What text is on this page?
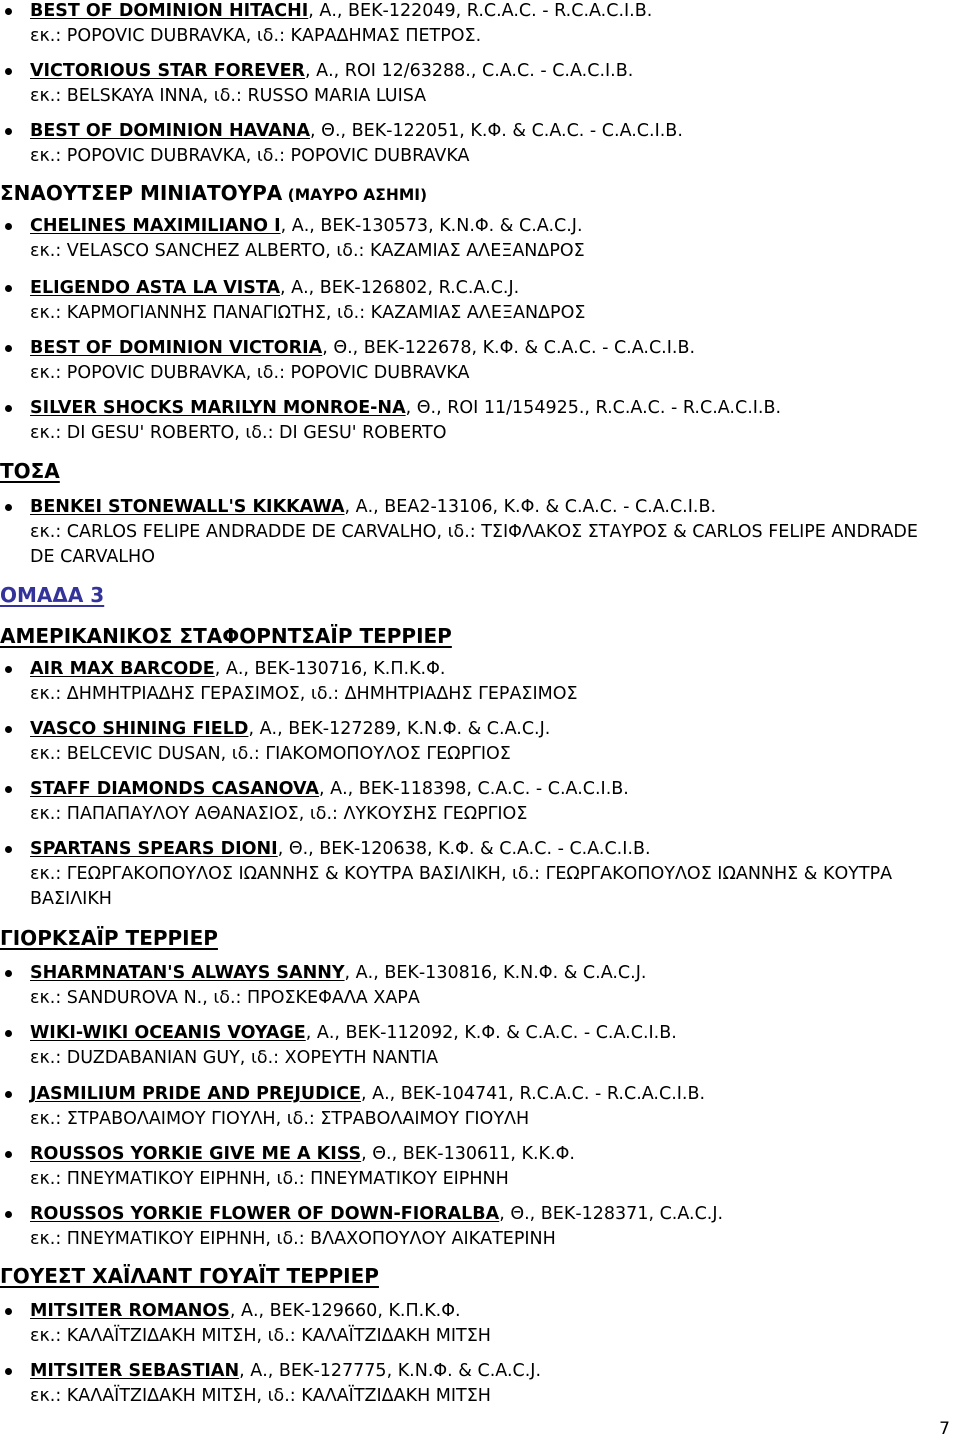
7
BEST OF DOMINION HITACHI, Α., ΒΕΚ-122049, R.C.A.C. - R.C.A.C.I.B.
εκ.: POPOVIC DUBRAVKA, ιδ.: ΚΑΡΑΔΗΜΑΣ ΠΕΤΡΟΣ.
VICTORIOUS STAR FOREVER, Α., ROI 12/63288., C.A.C. - C.A.C.I.B.
εκ.: BELSKAYA INNA, ιδ.: RUSSO MARIA LUISA
BEST OF DOMINION HAVANA, Θ., ΒΕΚ-122051, Κ.Φ. & C.A.C. - C.A.C.I.B.
εκ.: POPOVIC DUBRAVKA, ιδ.: POPOVIC DUBRAVKA
ΣΝΑΟΥΤΣΕΡ ΜΙΝΙΑΤΟΥΡΑ (ΜΑΥΡΟ ΑΣΗΜΙ)
CHELINES MAXIMILIANO I, Α., ΒΕΚ-130573, Κ.Ν.Φ. & C.A.C.J.
εκ.: VELASCO SANCHEZ ALBERTO, ιδ.: ΚΑΖΑΜΙΑΣ ΑΛΕΞΑΝΔΡΟΣ
ELIGENDO ASTA LA VISTA, Α., ΒΕΚ-126802, R.C.A.C.J.
εκ.: ΚΑΡΜΟΓΙΑΝΝΗΣ ΠΑΝΑΓΙΩΤΗΣ, ιδ.: ΚΑΖΑΜΙΑΣ ΑΛΕΞΑΝΔΡΟΣ
BEST OF DOMINION VICTORIA, Θ., ΒΕΚ-122678, Κ.Φ. & C.A.C. - C.A.C.I.B.
εκ.: POPOVIC DUBRAVKA, ιδ.: POPOVIC DUBRAVKA
SILVER SHOCKS MARILYN MONROE-NA, Θ., ROI 11/154925., R.C.A.C. - R.C.A.C.I.B.
εκ.: DI GESU' ROBERTO, ιδ.: DI GESU' ROBERTO
ΤΟΣΑ
BENKEI STONEWALL'S KIKKAWA, Α., ΒΕΑ2-13106, Κ.Φ. & C.A.C. - C.A.C.I.B.
εκ.: CARLOS FELIPE ANDRADDE DE CARVALHO, ιδ.: ΤΣΙΦΛΑΚΟΣ ΣΤΑΥΡΟΣ & CARLOS FELIPE ANDRADE
DE CARVALHO
ΟΜΑΔΑ 3
ΑΜΕΡΙΚΑΝΙΚΟΣ ΣΤΑΦΟΡΝΤΣΑΪΡ ΤΕΡΡΙΕΡ
AIR MAX BARCODE, Α., ΒΕΚ-130716, Κ.Π.Κ.Φ.
εκ.: ΔΗΜΗΤΡΙΑΔΗΣ ΓΕΡΑΣΙΜΟΣ, ιδ.: ΔΗΜΗΤΡΙΑΔΗΣ ΓΕΡΑΣΙΜΟΣ
VASCO SHINING FIELD, Α., ΒΕΚ-127289, Κ.Ν.Φ. & C.A.C.J.
εκ.: BELCEVIC DUSAN, ιδ.: ΓΙΑΚΟΜΟΠΟΥΛΟΣ ΓΕΩΡΓΙΟΣ
STAFF DIAMONDS CASANOVA, Α., ΒΕΚ-118398, C.A.C. - C.A.C.I.B.
εκ.: ΠΑΠΑΠΑΥΛΟΥ ΑΘΑΝΑΣΙΟΣ, ιδ.: ΛΥΚΟΥΣΗΣ ΓΕΩΡΓΙΟΣ
SPARTANS SPEARS DIONI, Θ., ΒΕΚ-120638, Κ.Φ. & C.A.C. - C.A.C.I.B.
εκ.: ΓΕΩΡΓΑΚΟΠΟΥΛΟΣ ΙΩΑΝΝΗΣ & ΚΟΥΤΡΑ ΒΑΣΙΛΙΚΗ, ιδ.: ΓΕΩΡΓΑΚΟΠΟΥΛΟΣ ΙΩΑΝΝΗΣ & ΚΟΥΤΡΑ
ΒΑΣΙΛΙΚΗ
ΓΙΟΡΚΣΑΪΡ ΤΕΡΡΙΕΡ
SHARMNATAN'S ALWAYS SANNY, Α., ΒΕΚ-130816, Κ.Ν.Φ. & C.A.C.J.
εκ.: SANDUROVA N., ιδ.: ΠΡΟΣΚΕΦΑΛΑ ΧΑΡΑ
WIKI-WIKI OCEANIS VOYAGE, Α., ΒΕΚ-112092, Κ.Φ. & C.A.C. - C.A.C.I.B.
εκ.: DUZDABANIAN GUY, ιδ.: ΧΟΡΕΥΤΗ ΝΑΝΤΙΑ
JASMILIUM PRIDE AND PREJUDICE, Α., ΒΕΚ-104741, R.C.A.C. - R.C.A.C.I.B.
εκ.: ΣΤΡΑΒΟΛΑΙΜΟΥ ΓΙΟΥΛΗ, ιδ.: ΣΤΡΑΒΟΛΑΙΜΟΥ ΓΙΟΥΛΗ
ROUSSOS YORKIE GIVE ME A KISS, Θ., ΒΕΚ-130611, Κ.Κ.Φ.
εκ.: ΠΝΕΥΜΑΤΙΚΟΥ ΕΙΡΗΝΗ, ιδ.: ΠΝΕΥΜΑΤΙΚΟΥ ΕΙΡΗΝΗ
ROUSSOS YORKIE FLOWER OF DOWN-FIORALBA, Θ., ΒΕΚ-128371, C.A.C.J.
εκ.: ΠΝΕΥΜΑΤΙΚΟΥ ΕΙΡΗΝΗ, ιδ.: ΒΛΑΧΟΠΟΥΛΟΥ ΑΙΚΑΤΕΡΙΝΗ
ΓΟΥΕΣΤ ΧΑΪΛΑΝΤ ΓΟΥΑΪΤ ΤΕΡΡΙΕΡ
MITSITER ROMANOS, Α., ΒΕΚ-129660, Κ.Π.Κ.Φ.
εκ.: ΚΑΛΑΪΤΖΙΔΑΚΗ ΜΙΤΣΗ, ιδ.: ΚΑΛΑΪΤΖΙΔΑΚΗ ΜΙΤΣΗ
MITSITER SEBASTIAN, Α., ΒΕΚ-127775, Κ.Ν.Φ. & C.A.C.J.
εκ.: ΚΑΛΑΪΤΖΙΔΑΚΗ ΜΙΤΣΗ, ιδ.: ΚΑΛΑΪΤΖΙΔΑΚΗ ΜΙΤΣΗ
